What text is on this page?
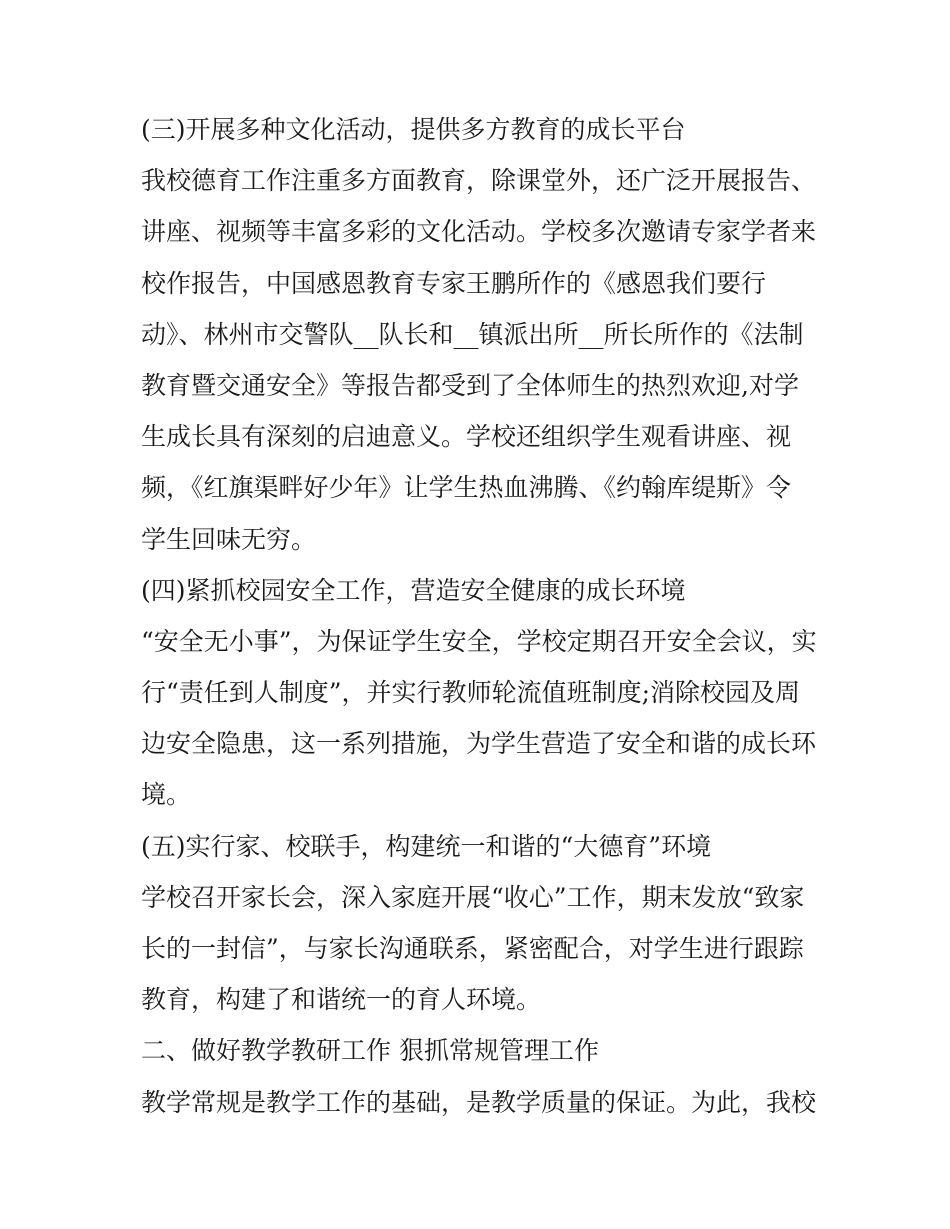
(三)开展多种文化活动，提供多方教育的成长平台
我校德育工作注重多方面教育，除课堂外，还广泛开展报告、
讲座、视频等丰富多彩的文化活动。学校多次邀请专家学者来
校作报告，中国感恩教育专家王鹏所作的《感恩我们要行
动》、林州市交警队__队长和__镇派出所__所长所作的《法制
教育暨交通安全》等报告都受到了全体师生的热烈欢迎,对学
生成长具有深刻的启迪意义。学校还组织学生观看讲座、视
频，《红旗渠畔好少年》让学生热血沸腾、《约翰库缇斯》令
学生回味无穷。
(四)紧抓校园安全工作，营造安全健康的成长环境
“安全无小事”，为保证学生安全，学校定期召开安全会议，实
行“责任到人制度”，并实行教师轮流值班制度;消除校园及周
边安全隐患，这一系列措施，为学生营造了安全和谐的成长环
境。
(五)实行家、校联手，构建统一和谐的“大德育”环境
学校召开家长会，深入家庭开展“收心”工作，期末发放“致家
长的一封信”，与家长沟通联系，紧密配合，对学生进行跟踪
教育，构建了和谐统一的育人环境。
二、做好教学教研工作 狠抓常规管理工作
教学常规是教学工作的基础，是教学质量的保证。为此，我校
